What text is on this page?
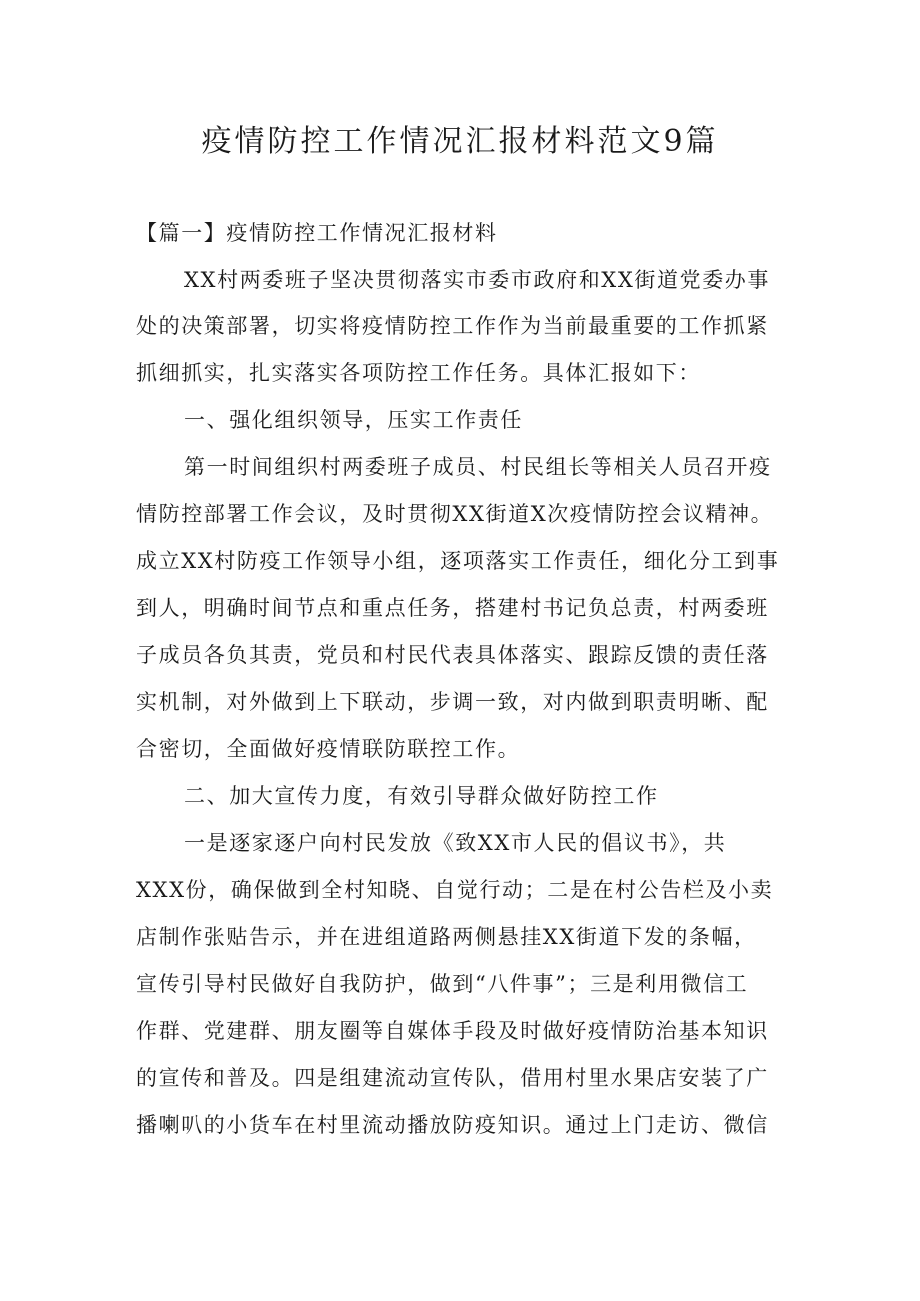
疫情防控工作情况汇报材料范文9篇
【篇一】疫情防控工作情况汇报材料
XX村两委班子坚决贯彻落实市委市政府和XX街道党委办事
处的决策部署，切实将疫情防控工作作为当前最重要的工作抓紧
抓细抓实，扎实落实各项防控工作任务。具体汇报如下：
一、强化组织领导，压实工作责任
第一时间组织村两委班子成员、村民组长等相关人员召开疫
情防控部署工作会议，及时贯彻XX街道X次疫情防控会议精神。
成立XX村防疫工作领导小组，逐项落实工作责任，细化分工到事
到人，明确时间节点和重点任务，搭建村书记负总责，村两委班
子成员各负其责，党员和村民代表具体落实、跟踪反馈的责任落
实机制，对外做到上下联动，步调一致，对内做到职责明晰、配
合密切，全面做好疫情联防联控工作。
二、加大宣传力度，有效引导群众做好防控工作
一是逐家逐户向村民发放《致XX市人民的倡议书》，共
XXX份，确保做到全村知晓、自觉行动；二是在村公告栏及小卖
店制作张贴告示，并在进组道路两侧悬挂XX街道下发的条幅，
宣传引导村民做好自我防护，做到“八件事”；三是利用微信工
作群、党建群、朋友圈等自媒体手段及时做好疫情防治基本知识
的宣传和普及。四是组建流动宣传队，借用村里水果店安装了广
播喇叭的小货车在村里流动播放防疫知识。通过上门走访、微信
